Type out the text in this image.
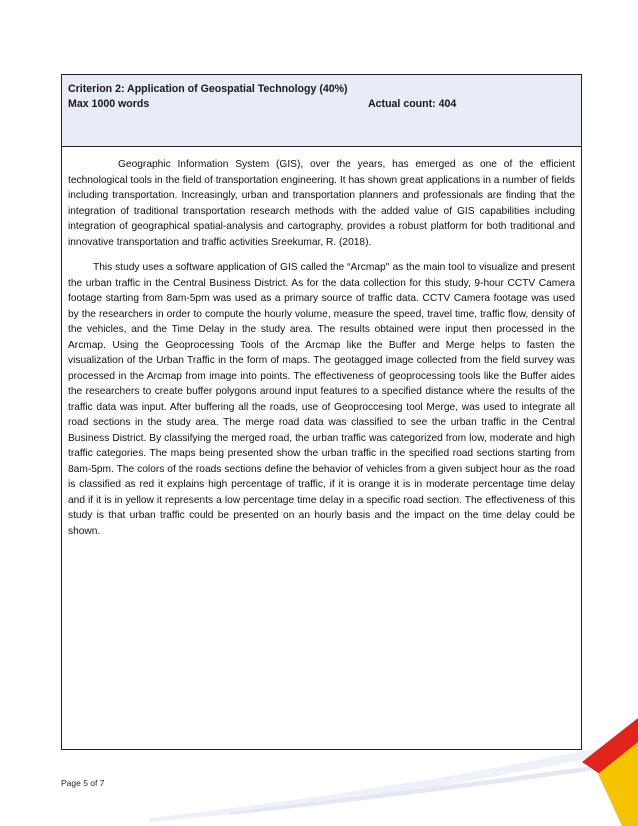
Criterion 2: Application of Geospatial Technology (40%)
Max 1000 words	Actual count: 404

Geographic Information System (GIS), over the years, has emerged as one of the efficient technological tools in the field of transportation engineering. It has shown great applications in a number of fields including transportation. Increasingly, urban and transportation planners and professionals are finding that the integration of traditional transportation research methods with the added value of GIS capabilities including integration of geographical spatial-analysis and cartography, provides a robust platform for both traditional and innovative transportation and traffic activities Sreekumar, R. (2018).

This study uses a software application of GIS called the “Arcmap'' as the main tool to visualize and present the urban traffic in the Central Business District. As for the data collection for this study, 9-hour CCTV Camera footage starting from 8am-5pm was used as a primary source of traffic data. CCTV Camera footage was used by the researchers in order to compute the hourly volume, measure the speed, travel time, traffic flow, density of the vehicles, and the Time Delay in the study area. The results obtained were input then processed in the Arcmap. Using the Geoprocessing Tools of the Arcmap like the Buffer and Merge helps to fasten the visualization of the Urban Traffic in the form of maps. The geotagged image collected from the field survey was processed in the Arcmap from image into points. The effectiveness of geoprocessing tools like the Buffer aides the researchers to create buffer polygons around input features to a specified distance where the results of the traffic data was input. After buffering all the roads, use of Geoproccesing tool Merge, was used to integrate all road sections in the study area. The merge road data was classified to see the urban traffic in the Central Business District. By classifying the merged road, the urban traffic was categorized from low, moderate and high traffic categories. The maps being presented show the urban traffic in the specified road sections starting from 8am-5pm. The colors of the roads sections define the behavior of vehicles from a given subject hour as the road is classified as red it explains high percentage of traffic, if it is orange it is in moderate percentage time delay and if it is in yellow it represents a low percentage time delay in a specific road section. The effectiveness of this study is that urban traffic could be presented on an hourly basis and the impact on the time delay could be shown.

Page 5 of 7
